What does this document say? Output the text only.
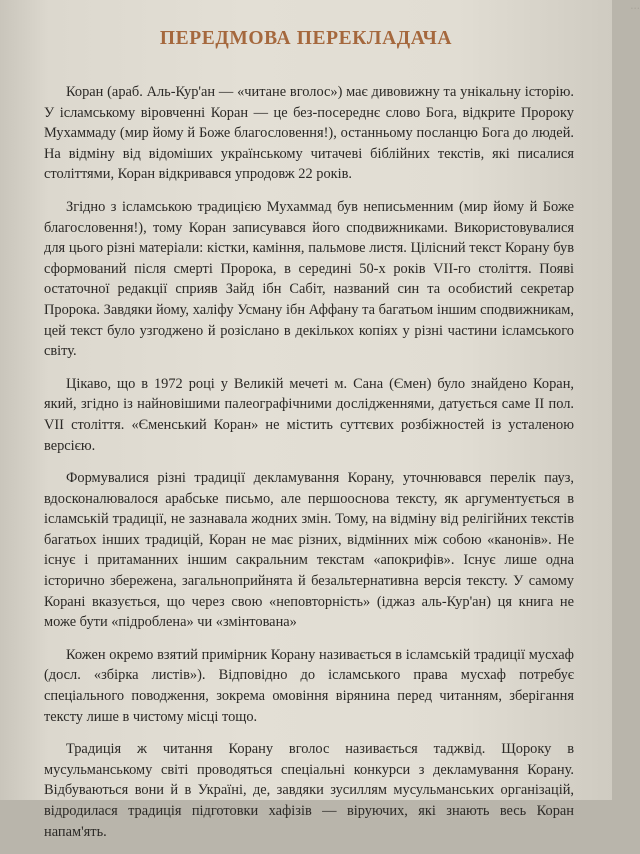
...
ПЕРЕДМОВА ПЕРЕКЛАДАЧА

Коран (араб. Аль-Кур'ан — «читане вголос») має дивовижну та унікальну історію. У ісламському віровченні Коран — це без-посереднє слово Бога, відкрите Пророку Мухаммаду (мир йому й Боже благословення!), останньому посланцю Бога до людей. На відміну від відоміших українському читачеві біблійних текстів, які писалися століттями, Коран відкривався упродовж 22 років.

Згідно з ісламською традицією Мухаммад був неписьменним (мир йому й Боже благословення!), тому Коран записувався його сподвижниками. Використовувалися для цього різні матеріали: кістки, каміння, пальмове листя. Цілісний текст Корану був сформований після смерті Пророка, в середині 50-х років VII-го століття. Появі остаточної редакції сприяв Зайд ібн Сабіт, названий син та особистий секретар Пророка. Завдяки йому, халіфу Усману ібн Аффану та багатьом іншим сподвижникам, цей текст було узгоджено й розіслано в декількох копіях у різні частини ісламського світу.

Цікаво, що в 1972 році у Великій мечеті м. Сана (Ємен) було знайдено Коран, який, згідно із найновішими палеографічними дослідженнями, датується саме II пол. VII століття. «Єменський Коран» не містить суттєвих розбіжностей із усталеною версією.

Формувалися різні традиції декламування Корану, уточнювався перелік пауз, вдосконалювалося арабське письмо, але першооснова тексту, як аргументується в ісламській традиції, не зазнавала жодних змін. Тому, на відміну від релігійних текстів багатьох інших традицій, Коран не має різних, відмінних між собою «канонів». Не існує і притаманних іншим сакральним текстам «апокрифів». Існує лише одна історично збережена, загальноприйнята й безальтернативна версія тексту. У самому Корані вказується, що через свою «неповторність» (іджаз аль-Кур'ан) ця книга не може бути «підроблена» чи «змінтована»

Кожен окремо взятий примірник Корану називається в ісламській традиції мусхаф (досл. «збірка листів»). Відповідно до ісламського права мусхаф потребує спеціального поводження, зокрема омовіння вірянина перед читанням, зберігання тексту лише в чистому місці тощо.

Традиція ж читання Корану вголос називається таджвід. Щороку в мусульманському світі проводяться спеціальні конкурси з декламування Корану. Відбуваються вони й в Україні, де, завдяки зусиллям мусульманських організацій, відродилася традиція підготовки хафізів — віруючих, які знають весь Коран напам'ять.
